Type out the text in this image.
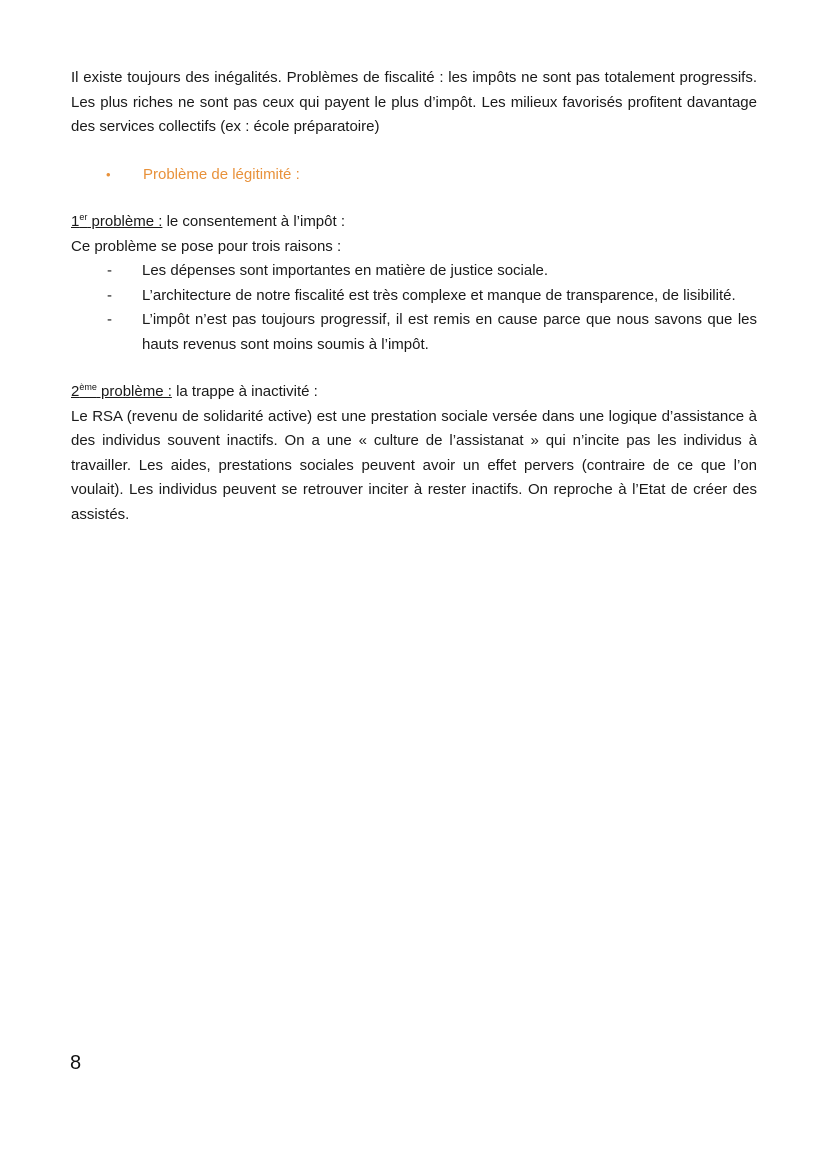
Il existe toujours des inégalités. Problèmes de fiscalité : les impôts ne sont pas totalement progressifs. Les plus riches ne sont pas ceux qui payent le plus d’impôt. Les milieux favorisés profitent davantage des services collectifs (ex : école préparatoire)

•	Problème de légitimité :

1er problème : le consentement à l’impôt :

Ce problème se pose pour trois raisons :

-	Les dépenses sont importantes en matière de justice sociale.
-	L’architecture de notre fiscalité est très complexe et manque de transparence, de lisibilité.
-	L’impôt n’est pas toujours progressif, il est remis en cause parce que nous savons que les hauts revenus sont moins soumis à l’impôt.

2ème problème : la trappe à inactivité :

Le RSA (revenu de solidarité active) est une prestation sociale versée dans une logique d’assistance à des individus souvent inactifs. On a une « culture de l’assistanat » qui n’incite pas les individus à travailler. Les aides, prestations sociales peuvent avoir un effet pervers (contraire de ce que l’on voulait). Les individus peuvent se retrouver inciter à rester inactifs. On reproche à l’Etat de créer des assistés.

8
